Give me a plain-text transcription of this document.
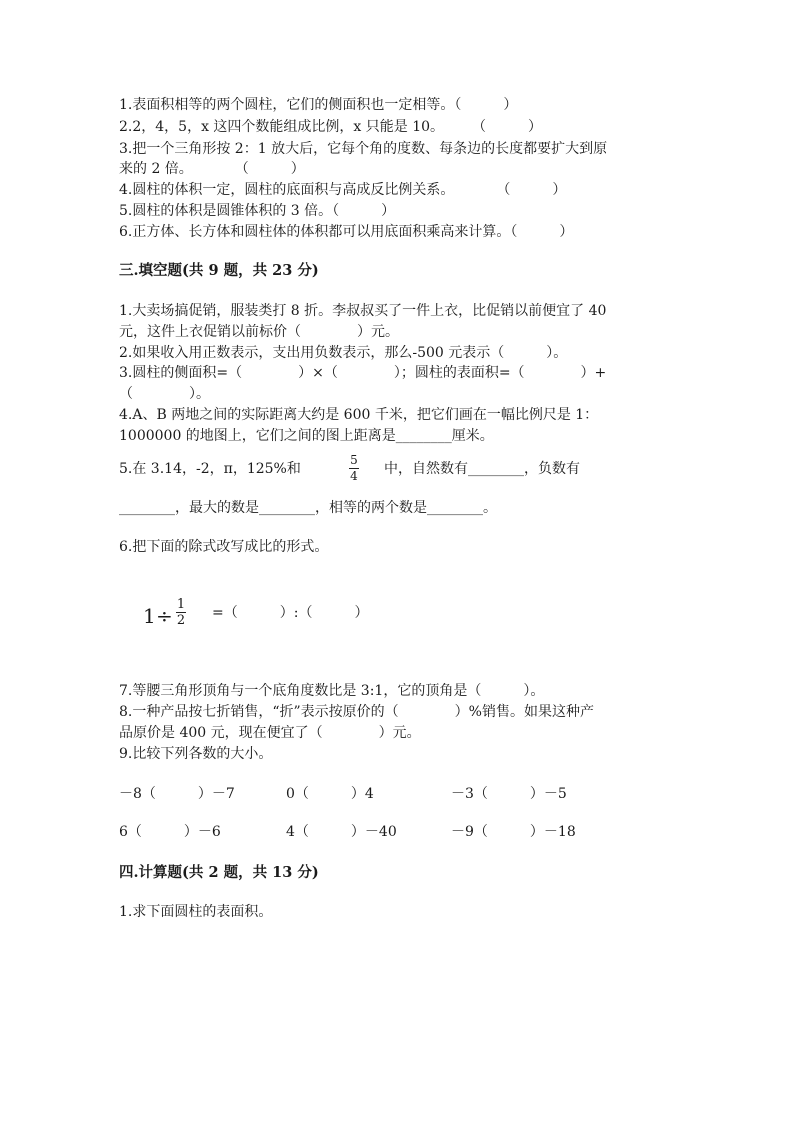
1.表面积相等的两个圆柱，它们的侧面积也一定相等。（　　　）
2.2，4，5，x 这四个数能组成比例，x 只能是 10。　　　（　　　）
3.把一个三角形按 2：1 放大后，它每个角的度数、每条边的长度都要扩大到原
来的 2 倍。　　　　（　　　）
4.圆柱的体积一定，圆柱的底面积与高成反比例关系。　　　　（　　　）
5.圆柱的体积是圆锥体积的 3 倍。（　　　）
6.正方体、长方体和圆柱体的体积都可以用底面积乘高来计算。（　　　）
三.填空题(共 9 题，共 23 分)
1.大卖场搞促销，服装类打 8 折。李叔叔买了一件上衣，比促销以前便宜了 40
元，这件上衣促销以前标价（　　　　）元。
2.如果收入用正数表示，支出用负数表示，那么-500 元表示（　　　）。
3.圆柱的侧面积=（　　　　）×（　　　　）；圆柱的表面积=（　　　　）+
（　　　　）。
4.A、B 两地之间的实际距离大约是 600 千米，把它们画在一幅比例尺是 1：
1000000 的地图上，它们之间的图上距离是________厘米。
5.在 3.14，-2，π，125%和
5
4 中，自然数有________，负数有
________，最大的数是________，相等的两个数是________。
6.把下面的除式改写成比的形式。
1 ÷ 1
2 =（　　　）:（　　　）
7.等腰三角形顶角与一个底角度数比是 3:1，它的顶角是（　　　）。
8.一种产品按七折销售，“折”表示按原价的（　　　　）%销售。如果这种产
品原价是 400 元，现在便宜了（　　　　）元。
9.比较下列各数的大小。
－8（　　　）－7	0（　　　）4	－3（　　　）－5
6（　　　）－6	4（　　　）－40	－9（　　　）－18
四.计算题(共 2 题，共 13 分)
1.求下面圆柱的表面积。
